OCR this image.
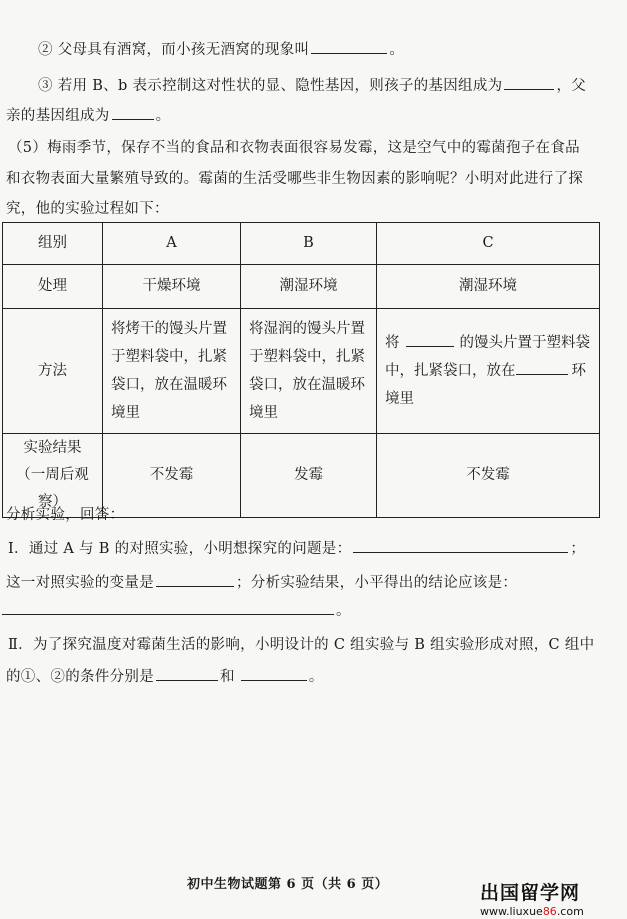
② 父母具有酒窝，而小孩无酒窝的现象叫	。
③ 若用 B、b 表示控制这对性状的显、隐性基因，则孩子的基因组成为	，父
亲的基因组成为	。
（5）梅雨季节，保存不当的食品和衣物表面很容易发霉，这是空气中的霉菌孢子在食品
和衣物表面大量繁殖导致的。霉菌的生活受哪些非生物因素的影响呢？小明对此进行了探
究，他的实验过程如下：
组别	A	B	C
处理	干燥环境	潮湿环境	潮湿环境
方法	将烤干的馒头片置于塑料袋中，扎紧袋口，放在温暖环境里	将湿润的馒头片置于塑料袋中，扎紧袋口，放在温暖环境里	将 的馒头片置于塑料袋中，扎紧袋口，放在 环境里

实验结果
（一周后观察）	不发霉	发霉	不发霉
分析实验，回答：
Ⅰ．通过 A 与 B 的对照实验，小明想探究的问题是：	；
这一对照实验的变量是	；分析实验结果，小平得出的结论应该是：
。
Ⅱ．为了探究温度对霉菌生活的影响，小明设计的 C 组实验与 B 组实验形成对照，C 组中
的①、②的条件分别是	和	。
初中生物试题第 6 页（共 6 页）	出国留学网
www.liuxue86.com
